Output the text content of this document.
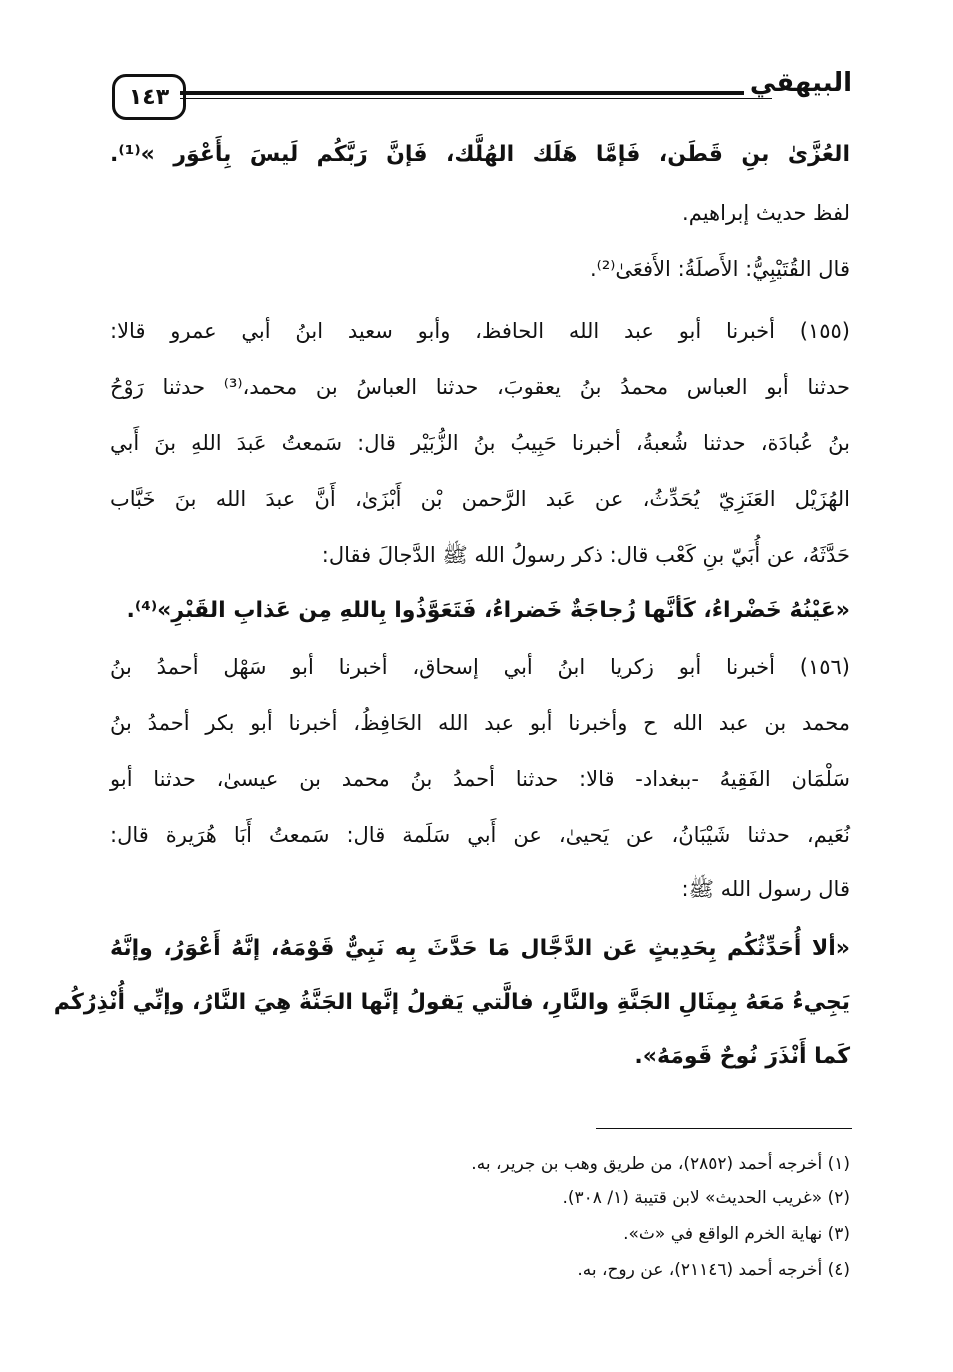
١٤٣	البيهقي
العُزَّىٰ بنِ قَطَن، فَإمَّا هَلَك الهُلَّك، فَإنَّ رَبَّكُم لَيسَ بِأَعْوَر »⁽¹⁾.
لفظ حديث إبراهيم.
قال القُتَيْبِيُّ: الأَصلَةُ: الأَفعَىٰ⁽²⁾.
(١٥٥) أخبرنا أبو عبد الله الحافظ، وأبو سعيد ابنُ أبي عمرو قالا:
حدثنا أبو العباس محمدُ بنُ يعقوبَ، حدثنا العباسُ بن محمد،⁽³⁾ حدثنا رَوْحُ
بنُ عُبادَة، حدثنا شُعبةُ، أخبرنا حَبِيبُ بنُ الزُّبَيْر قال: سَمعتُ عَبدَ اللهِ بنَ أَبي
الهُزَيْل العَنَزِيّ يُحَدِّثُ، عن عَبد الرَّحمن بْن أَبْزَىٰ، أَنَّ عبدَ الله بنَ خَبَّاب
حَدَّثَهُ، عن أُبَيّ بنِ كَعْب قال: ذكر رسولُ الله ﷺ الدَّجالَ فقال:
«عَيْنُهُ خَضْراءُ، كَأنَّها زُجاجَةٌ خَضراءُ، فَتَعَوَّذُوا بِاللهِ مِن عَذابِ القَبْرِ»⁽⁴⁾.
(١٥٦) أخبرنا أبو زكريا ابنُ أبي إسحاق، أخبرنا أبو سَهْل أحمدُ بنُ
محمد بن عبد الله ح وأخبرنا أبو عبد الله الحَافِظُ، أخبرنا أبو بكر أحمدُ بنُ
سَلْمَان الفَقِيهُ -ببغداد- قالا: حدثنا أحمدُ بنُ محمد بن عيسىٰ، حدثنا أبو
نُعَيم، حدثنا شَيْبَانُ، عن يَحيىٰ، عن أَبي سَلَمة قال: سَمعتُ أَبَا هُرَيرة قال:
قال رسول الله ﷺ:
«ألا أُحَدِّثُكُم بِحَدِيثٍ عَن الدَّجَّال مَا حَدَّثَ بِه نَبِيٌّ قَوْمَهُ، إنَّهُ أَعْوَرُ، وإنَّهُ
يَجِيءُ مَعَهُ بِمِثَالِ الجَنَّةِ والنَّارِ، فالَّتي يَقولُ إنَّها الجَنَّةُ هِيَ النَّارُ، وإنِّي أُنْذِرُكُم
كَما أَنْذَرَ نُوحٌ قَومَهُ».
(١) أخرجه أحمد (٢٨٥٢)، من طريق وهب بن جرير، به.
(٢) «غريب الحديث» لابن قتيبة (١/ ٣٠٨).
(٣) نهاية الخرم الواقع في «ث».
(٤) أخرجه أحمد (٢١١٤٦)، عن روح، به.
